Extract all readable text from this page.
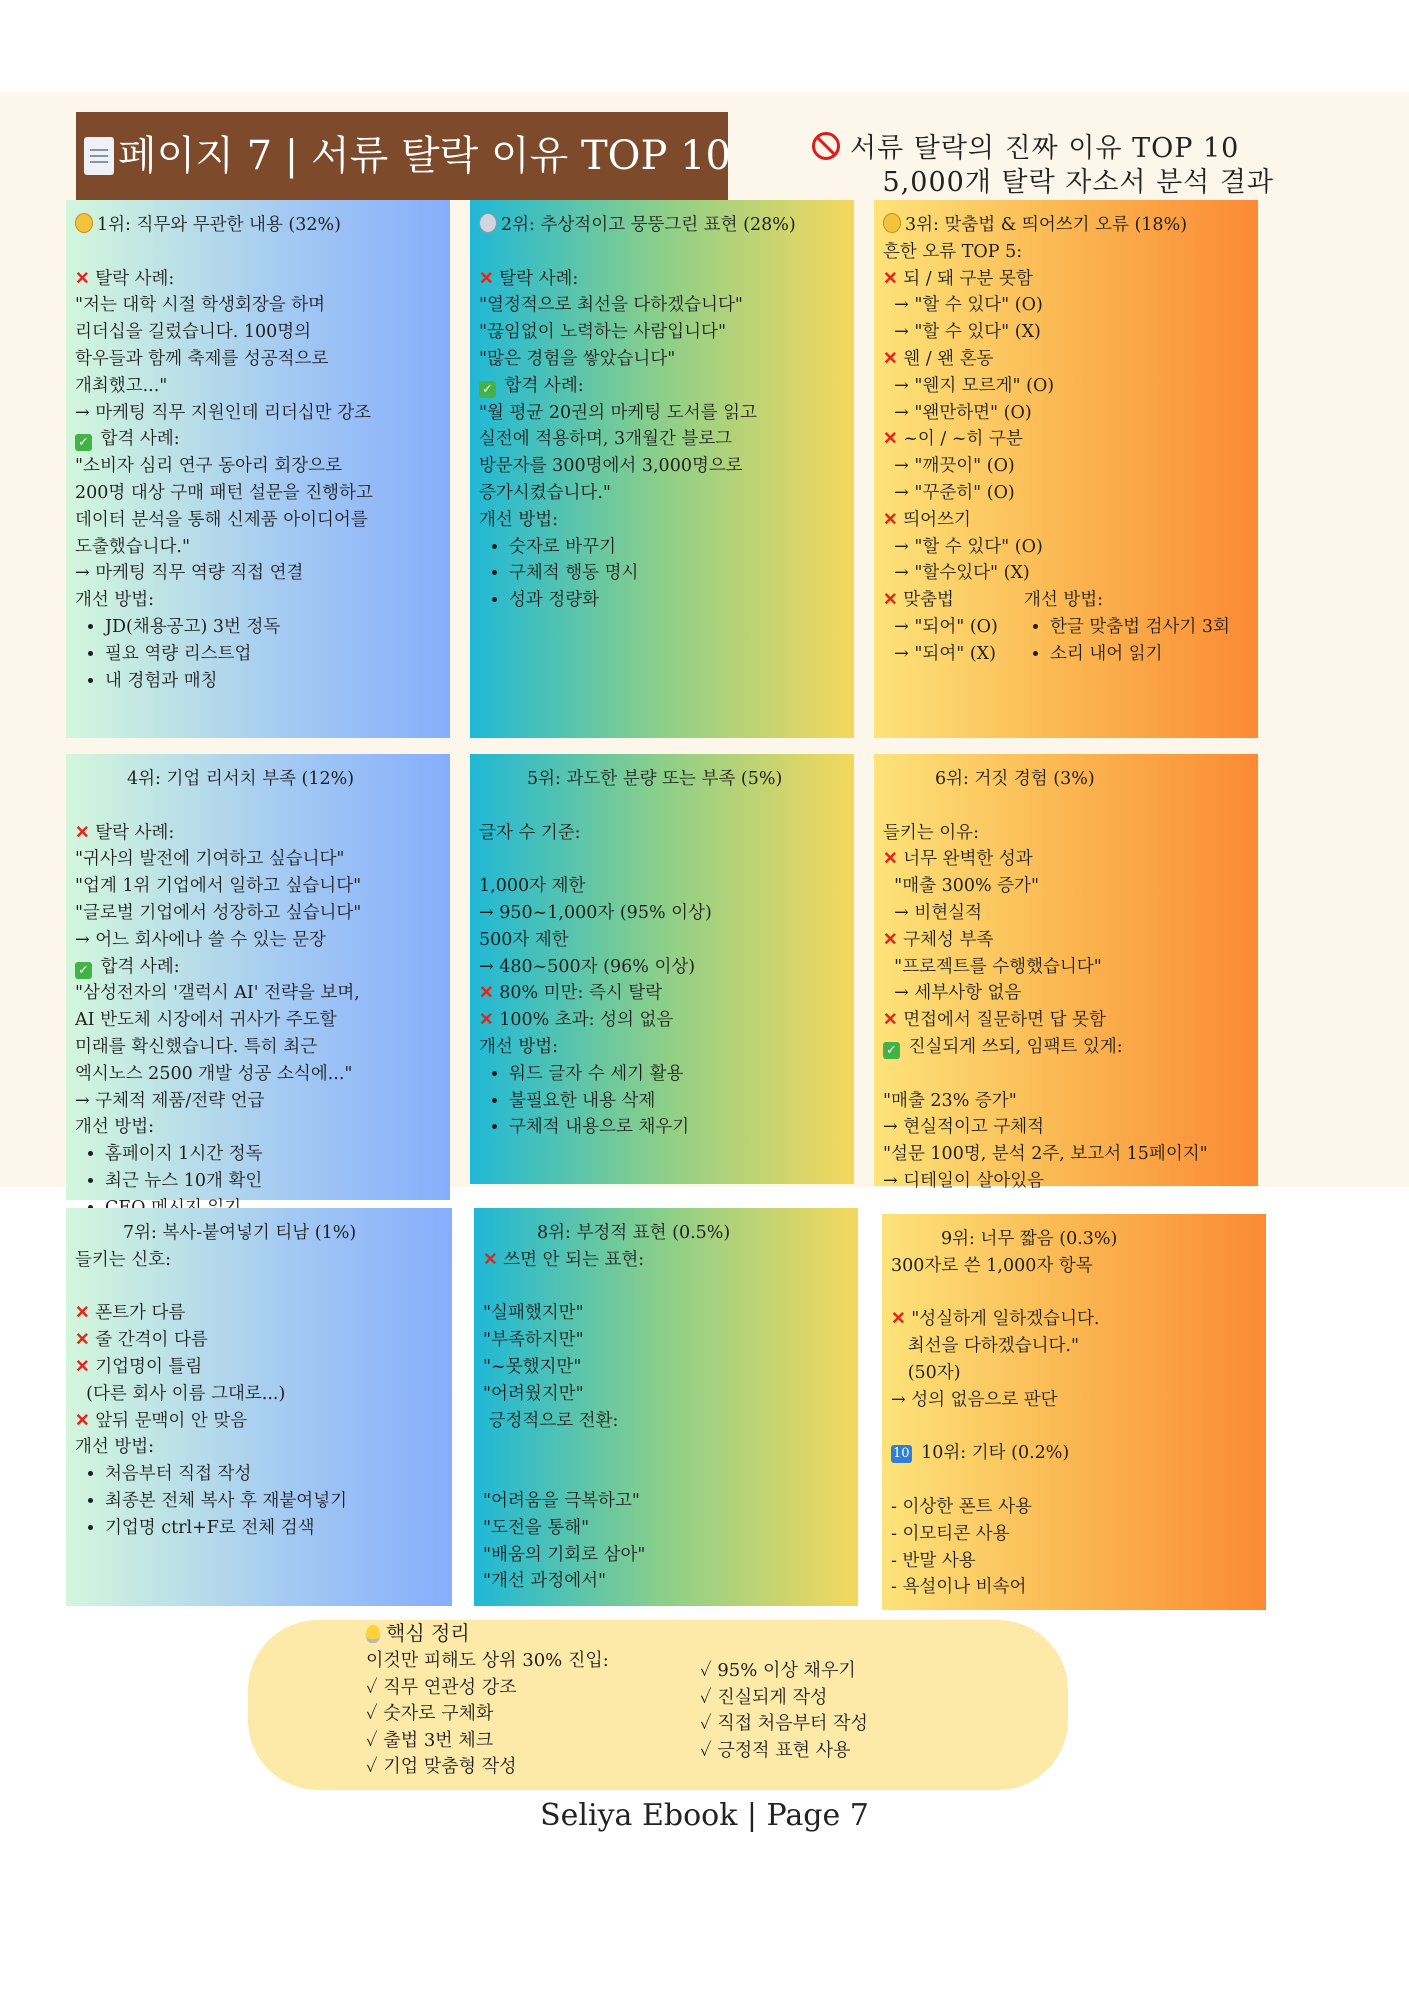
페이지 7 | 서류 탈락 이유 TOP 10	서류 탈락의 진짜 이유 TOP 10
5,000개 탈락 자소서 분석 결과
1위: 직무와 무관한 내용 (32%)

✕ 탈락 사례:
"저는 대학 시절 학생회장을 하며
리더십을 길렀습니다. 100명의
학우들과 함께 축제를 성공적으로
개최했고..."
→ 마케팅 직무 지원인데 리더십만 강조
✓ 합격 사례:
"소비자 심리 연구 동아리 회장으로
200명 대상 구매 패턴 설문을 진행하고
데이터 분석을 통해 신제품 아이디어를
도출했습니다."
→ 마케팅 직무 역량 직접 연결
개선 방법:
• JD(채용공고) 3번 정독
• 필요 역량 리스트업
• 내 경험과 매칭
2위: 추상적이고 뭉뚱그린 표현 (28%)

✕ 탈락 사례:
"열정적으로 최선을 다하겠습니다"
"끊임없이 노력하는 사람입니다"
"많은 경험을 쌓았습니다"
✓ 합격 사례:
"월 평균 20권의 마케팅 도서를 읽고
실전에 적용하며, 3개월간 블로그
방문자를 300명에서 3,000명으로
증가시켰습니다."
개선 방법:
• 숫자로 바꾸기
• 구체적 행동 명시
• 성과 정량화
3위: 맞춤법 & 띄어쓰기 오류 (18%)
흔한 오류 TOP 5:
✕ 되 / 돼 구분 못함
→ "할 수 있다" (O)
→ "할 수 있다" (X)
✕ 웬 / 왠 혼동
→ "웬지 모르게" (O)
→ "왠만하면" (O)
✕ ~이 / ~히 구분
→ "깨끗이" (O)
→ "꾸준히" (O)
✕ 띄어쓰기
→ "할 수 있다" (O)
→ "할수있다" (X)
✕ 맞춤법
→ "되어" (O)
→ "되여" (X)
개선 방법:
• 한글 맞춤법 검사기 3회
• 소리 내어 읽기
4위: 기업 리서치 부족 (12%)

✕ 탈락 사례:
"귀사의 발전에 기여하고 싶습니다"
"업계 1위 기업에서 일하고 싶습니다"
"글로벌 기업에서 성장하고 싶습니다"
→ 어느 회사에나 쓸 수 있는 문장
✓ 합격 사례:
"삼성전자의 '갤럭시 AI' 전략을 보며,
AI 반도체 시장에서 귀사가 주도할
미래를 확신했습니다. 특히 최근
엑시노스 2500 개발 성공 소식에..."
→ 구체적 제품/전략 언급
개선 방법:
• 홈페이지 1시간 정독
• 최근 뉴스 10개 확인
•
5위: 과도한 분량 또는 부족 (5%)

글자 수 기준:

1,000자 제한
→ 950~1,000자 (95% 이상)
500자 제한
→ 480~500자 (96% 이상)
✕ 80% 미만: 즉시 탈락
✕ 100% 초과: 성의 없음
개선 방법:
• 워드 글자 수 세기 활용
• 불필요한 내용 삭제
• 구체적 내용으로 채우기
6위: 거짓 경험 (3%)

들키는 이유:
✕ 너무 완벽한 성과
"매출 300% 증가"
→ 비현실적
✕ 구체성 부족
"프로젝트를 수행했습니다"
→ 세부사항 없음
✕ 면접에서 질문하면 답 못함
✓ 진실되게 쓰되, 임팩트 있게:

"매출 23% 증가"
→ 현실적이고 구체적
"설문 100명, 분석 2주, 보고서 15페이지"
→ 디테일이 살아있음
7위: 복사-붙여넣기 티남 (1%)
들키는 신호:

✕ 폰트가 다름
✕ 줄 간격이 다름
✕ 기업명이 틀림
(다른 회사 이름 그대로...)
✕ 앞뒤 문맥이 안 맞음
개선 방법:
• 처음부터 직접 작성
• 최종본 전체 복사 후 재붙여넣기
• 기업명 ctrl+F로 전체 검색
8위: 부정적 표현 (0.5%)
✕ 쓰면 안 되는 표현:

"실패했지만"
"부족하지만"
"~못했지만"
"어려웠지만"
긍정적으로 전환:

"어려움을 극복하고"
"도전을 통해"
"배움의 기회로 삼아"
"개선 과정에서"
9위: 너무 짧음 (0.3%)
300자로 쓴 1,000자 항목

✕ "성실하게 일하겠습니다.
최선을 다하겠습니다."
(50자)
→ 성의 없음으로 판단

10 10위: 기타 (0.2%)

- 이상한 폰트 사용
- 이모티콘 사용
- 반말 사용
- 욕설이나 비속어
핵심 정리
이것만 피해도 상위 30% 진입:
✓ 직무 연관성 강조
✓ 숫자로 구체화
✓ 출법 3번 체크
✓ 기업 맞춤형 작성
✓ 95% 이상 채우기
✓ 진실되게 작성
✓ 직접 처음부터 작성
✓ 긍정적 표현 사용
Seliya Ebook | Page 7
